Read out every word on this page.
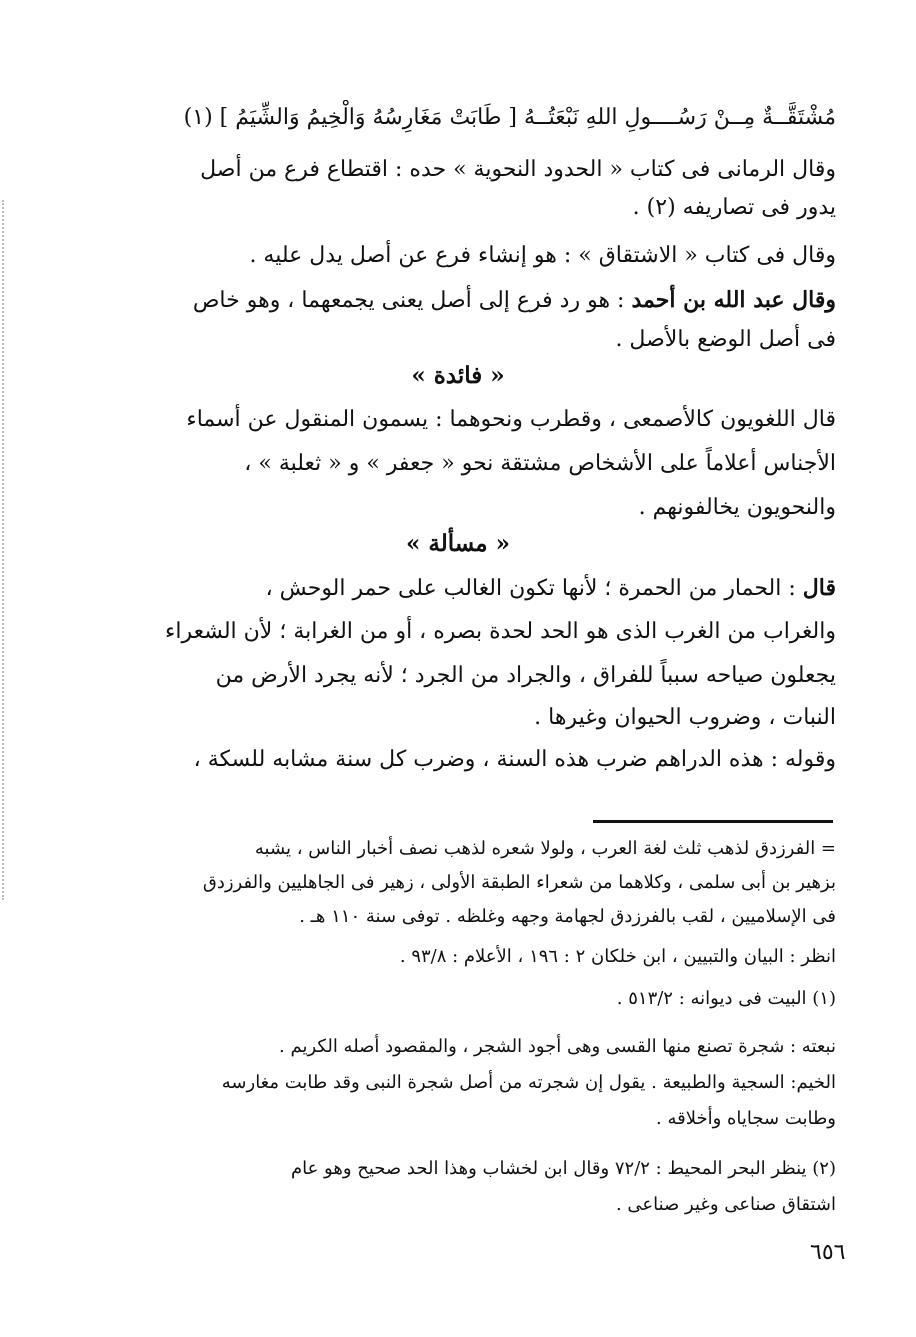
مُشْتَقَّــةٌ مِــنْ رَسُــــولِ اللهِ نَبْعَتُــهُ [ طَابَتْ مَغَارِسُهُ وَالْخِيمُ وَالشِّيَمُ ] (١)
وقال الرمانى فى كتاب « الحدود النحوية » حده : اقتطاع فرع من أصل
يدور فى تصاريفه (٢) .
وقال فى كتاب « الاشتقاق » : هو إنشاء فرع عن أصل يدل عليه .
وقال عبد الله بن أحمد : هو رد فرع إلى أصل يعنى يجمعهما ، وهو خاص
فى أصل الوضع بالأصل .
« فائدة »
قال اللغويون كالأصمعى ، وقطرب ونحوهما : يسمون المنقول عن أسماء
الأجناس أعلاماً على الأشخاص مشتقة نحو « جعفر » و « ثعلبة » ،
والنحويون يخالفونهم .
« مسألة »
قال : الحمار من الحمرة ؛ لأنها تكون الغالب على حمر الوحش ،
والغراب من الغرب الذى هو الحد لحدة بصره ، أو من الغرابة ؛ لأن الشعراء
يجعلون صياحه سبباً للفراق ، والجراد من الجرد ؛ لأنه يجرد الأرض من
النبات ، وضروب الحيوان وغيرها .
وقوله : هذه الدراهم ضرب هذه السنة ، وضرب كل سنة مشابه للسكة ،
= الفرزدق لذهب ثلث لغة العرب ، ولولا شعره لذهب نصف أخبار الناس ، يشبه
بزهير بن أبى سلمى ، وكلاهما من شعراء الطبقة الأولى ، زهير فى الجاهليين والفرزدق
فى الإسلاميين ، لقب بالفرزدق لجهامة وجهه وغلظه . توفى سنة ١١٠ هـ .
انظر : البيان والتبيين ، ابن خلكان ٢ : ١٩٦ ، الأعلام : ٩٣/٨ .
(١) البيت فى ديوانه : ٥١٣/٢ .
نبعته : شجرة تصنع منها القسى وهى أجود الشجر ، والمقصود أصله الكريم .
الخيم: السجية والطبيعة . يقول إن شجرته من أصل شجرة النبى وقد طابت مغارسه
وطابت سجاياه وأخلاقه .
(٢) ينظر البحر المحيط : ٧٢/٢ وقال ابن لخشاب وهذا الحد صحيح وهو عام
اشتقاق صناعى وغير صناعى .
٦٥٦
